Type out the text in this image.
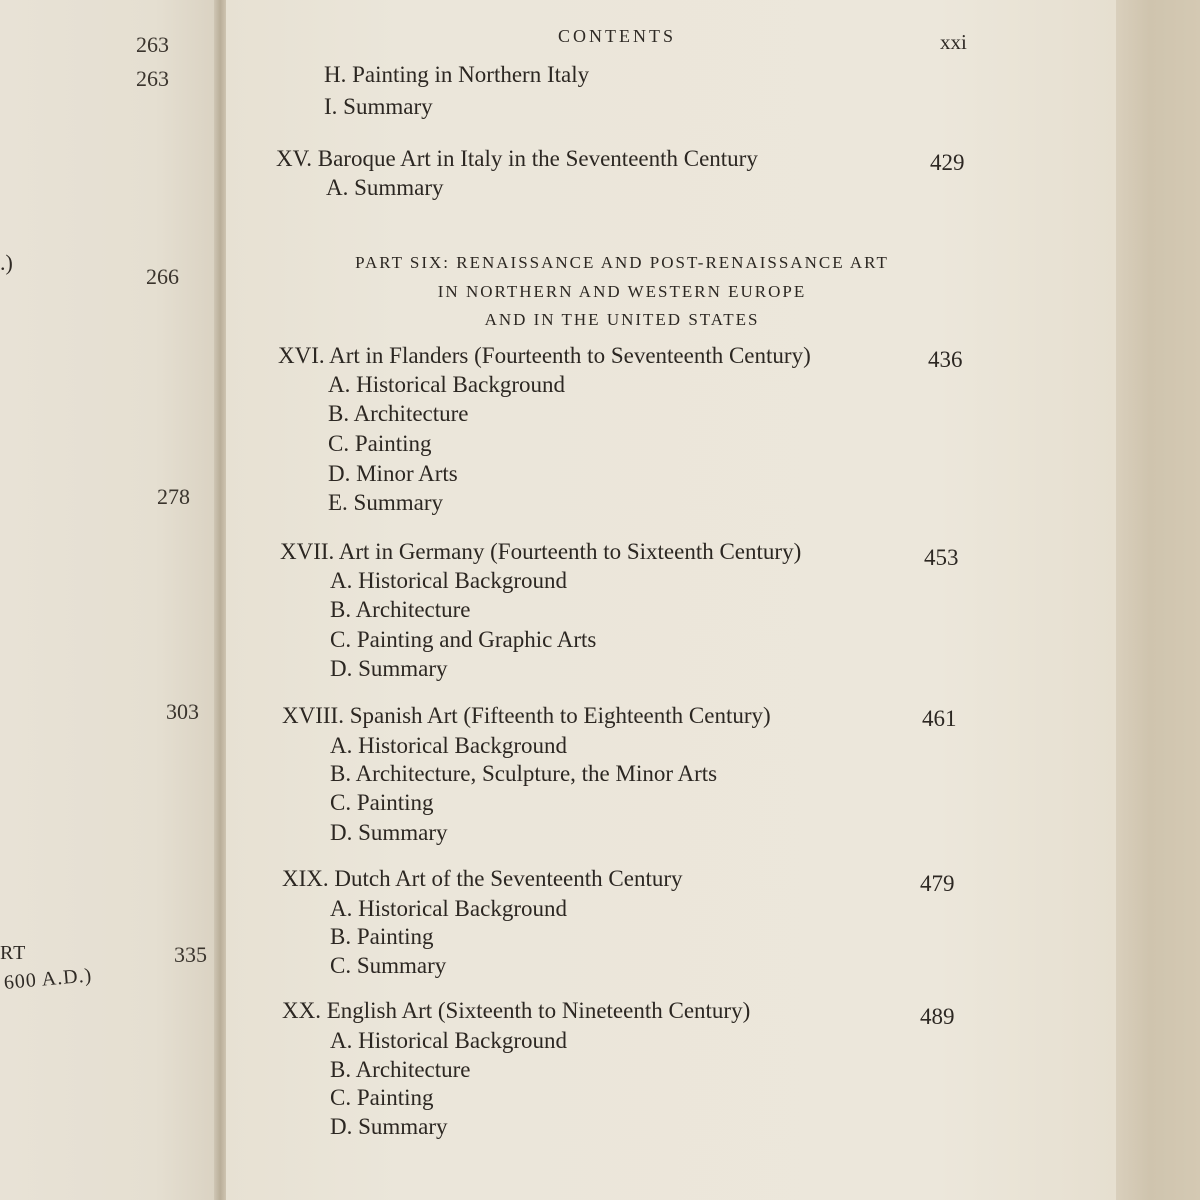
263
263
266
278
303
335
.)
RT
600 A.D.)
CONTENTS	xxi
H. Painting in Northern Italy
I. Summary
XV. Baroque Art in Italy in the Seventeenth Century	429
A. Summary
PART SIX: RENAISSANCE AND POST-RENAISSANCE ART
IN NORTHERN AND WESTERN EUROPE
AND IN THE UNITED STATES
XVI. Art in Flanders (Fourteenth to Seventeenth Century)	436
A. Historical Background
B. Architecture
C. Painting
D. Minor Arts
E. Summary
XVII. Art in Germany (Fourteenth to Sixteenth Century)	453
A. Historical Background
B. Architecture
C. Painting and Graphic Arts
D. Summary
XVIII. Spanish Art (Fifteenth to Eighteenth Century)	461
A. Historical Background
B. Architecture, Sculpture, the Minor Arts
C. Painting
D. Summary
XIX. Dutch Art of the Seventeenth Century	479
A. Historical Background
B. Painting
C. Summary
XX. English Art (Sixteenth to Nineteenth Century)	489
A. Historical Background
B. Architecture
C. Painting
D. Summary
